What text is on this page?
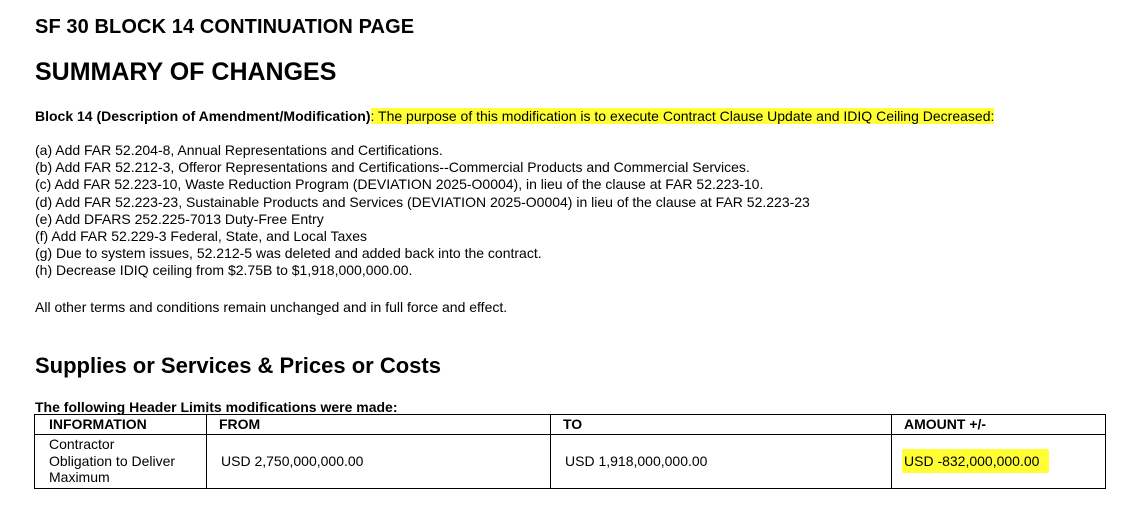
SF 30 BLOCK 14 CONTINUATION PAGE
SUMMARY OF CHANGES
Block 14 (Description of Amendment/Modification): The purpose of this modification is to execute Contract Clause Update and IDIQ Ceiling Decreased:
(a) Add FAR 52.204-8, Annual Representations and Certifications.
(b) Add FAR 52.212-3, Offeror Representations and Certifications--Commercial Products and Commercial Services.
(c) Add FAR 52.223-10, Waste Reduction Program (DEVIATION 2025-O0004), in lieu of the clause at FAR 52.223-10.
(d) Add FAR 52.223-23, Sustainable Products and Services (DEVIATION 2025-O0004) in lieu of the clause at FAR 52.223-23
(e) Add DFARS 252.225-7013 Duty-Free Entry
(f) Add FAR 52.229-3 Federal, State, and Local Taxes
(g) Due to system issues, 52.212-5 was deleted and added back into the contract.
(h) Decrease IDIQ ceiling from $2.75B to $1,918,000,000.00.
All other terms and conditions remain unchanged and in full force and effect.
Supplies or Services & Prices or Costs
The following Header Limits modifications were made:
INFORMATION	FROM	TO	AMOUNT +/-

Contractor
Obligation to Deliver
Maximum	USD 2,750,000,000.00	USD 1,918,000,000.00	USD -832,000,000.00
